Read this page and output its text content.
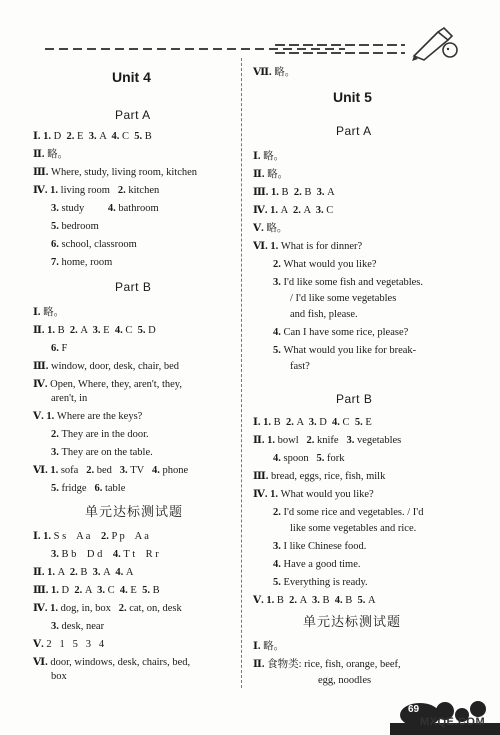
Unit 4
Part A
Ⅰ. 1. D  2. E  3. A  4. C  5. B
Ⅱ. 略。
Ⅲ. Where, study, living room, kitchen
Ⅳ. 1. living room   2. kitchen
3. study         4. bathroom
5. bedroom
6. school, classroom
7. home, room
Part B
Ⅰ. 略。
Ⅱ. 1. B  2. A  3. E  4. C  5. D
6. F
Ⅲ. window, door, desk, chair, bed
Ⅳ. Open, Where, they, aren't, they,
aren't, in
Ⅴ. 1. Where are the keys?
2. They are in the door.
3. They are on the table.
Ⅵ. 1. sofa   2. bed   3. TV   4. phone
5. fridge   6. table
单元达标测试题
Ⅰ. 1. S s    A a    2. P p    A a
3. B b    D d    4. T t    R r
Ⅱ. 1. A  2. B  3. A  4. A
Ⅲ. 1. D  2. A  3. C  4. E  5. B
Ⅳ. 1. dog, in, box   2. cat, on, desk
3. desk, near
Ⅴ. 2   1   5   3   4
Ⅵ. door, windows, desk, chairs, bed,
box
Ⅶ. 略。
Unit 5
Part A
Ⅰ. 略。
Ⅱ. 略。
Ⅲ. 1. B  2. B  3. A
Ⅳ. 1. A  2. A  3. C
Ⅴ. 略。
Ⅵ. 1. What is for dinner?
2. What would you like?
3. I'd like some fish and vegetables.
/ I'd like some vegetables
and fish, please.
4. Can I have some rice, please?
5. What would you like for break-
fast?
Part B
Ⅰ. 1. B  2. A  3. D  4. C  5. E
Ⅱ. 1. bowl   2. knife   3. vegetables
4. spoon   5. fork
Ⅲ. bread, eggs, rice, fish, milk
Ⅳ. 1. What would you like?
2. I'd some rice and vegetables. / I'd
like some vegetables and rice.
3. I like Chinese food.
4. Have a good time.
5. Everything is ready.
Ⅴ. 1. B  2. A  3. B  4. B  5. A
单元达标测试题
Ⅰ. 略。
Ⅱ. 食物类: rice, fish, orange, beef,
egg, noodles
69
MXQE.COM
